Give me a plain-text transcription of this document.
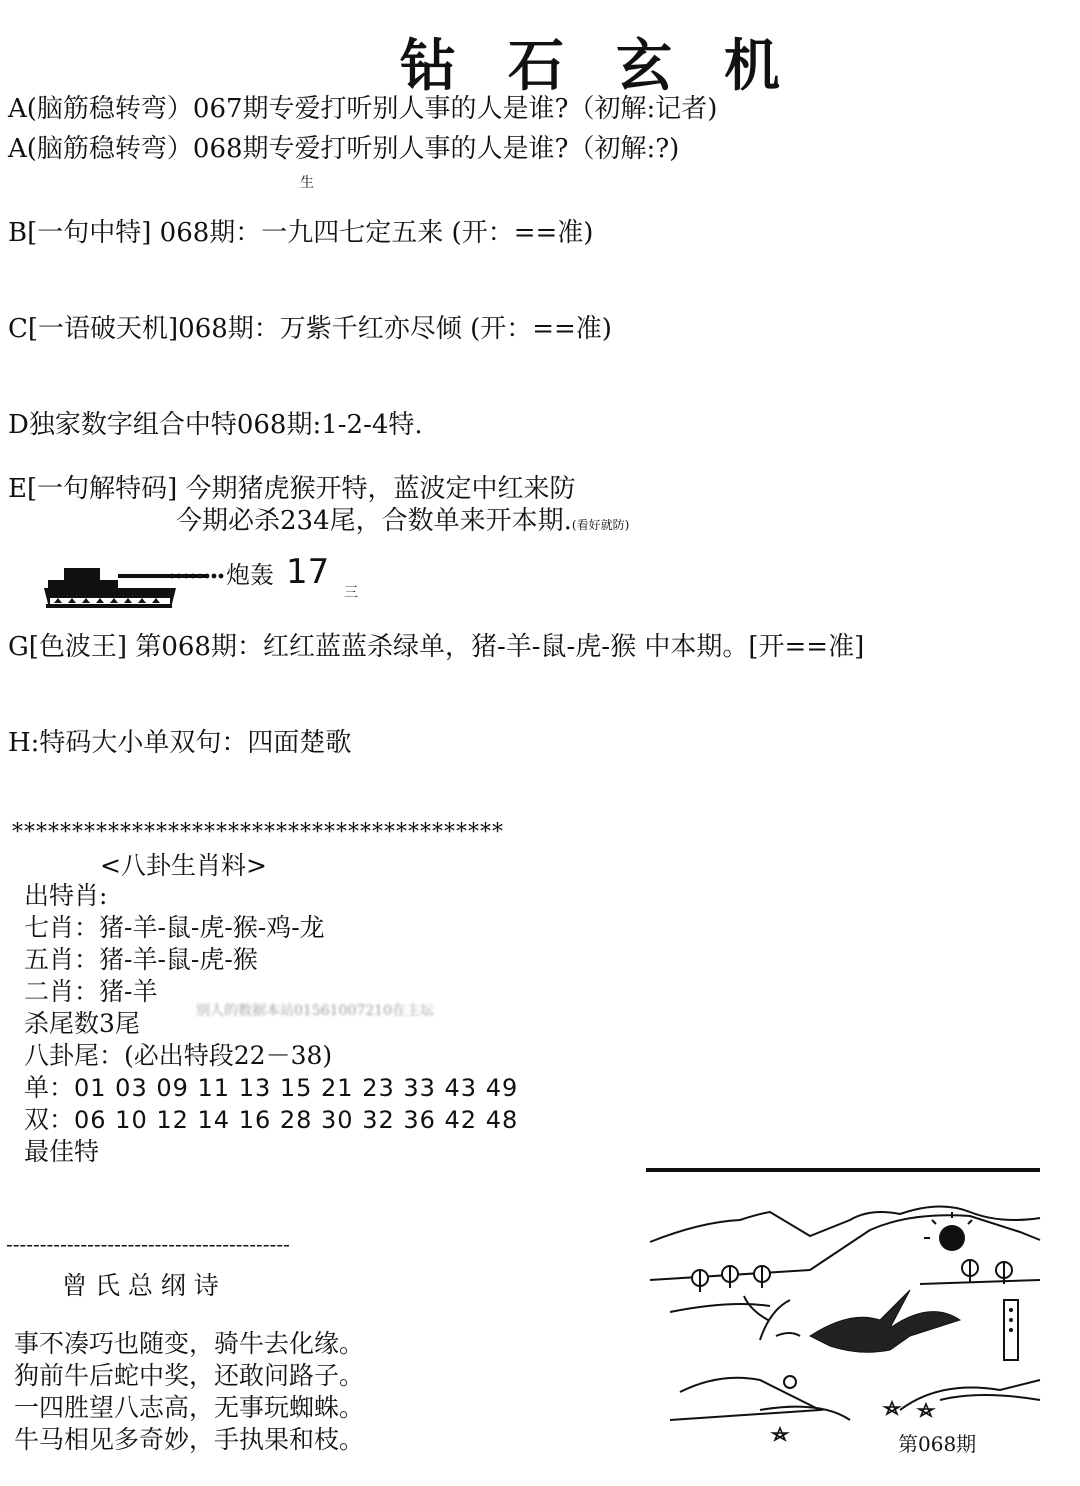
钻石玄机
A(脑筋稳转弯）067期专爱打听别人事的人是谁?（初解:记者)
A(脑筋稳转弯）068期专爱打听别人事的人是谁?（初解:?)
生
B[一句中特] 068期：一九四七定五来 (开：==准)
C[一语破天机]068期：万紫千红亦尽倾 (开：==准)
D独家数字组合中特068期:1-2-4特.
E[一句解特码] 今期猪虎猴开特，蓝波定中红来防
今期必杀234尾，合数单来开本期.(看好就防)
炮轰 17
三
G[色波王] 第068期：红红蓝蓝杀绿单，猪-羊-鼠-虎-猴 中本期。[开==准]
H:特码大小单双句：四面楚歌
*****************************************
<八卦生肖料>
出特肖:
七肖：猪-羊-鼠-虎-猴-鸡-龙
五肖：猪-羊-鼠-虎-猴
二肖：猪-羊
杀尾数3尾	别人的数据本站01561007210在主坛
八卦尾：(必出特段22－38)
单：01 03 09 11 13 15 21 23 33 43 49
双：06 10 12 14 16 28 30 32 36 42 48
最佳特
------------------------------------------
曾 氏 总 纲 诗
事不凑巧也随变，骑牛去化缘。
狗前牛后蛇中奖，还敢问路子。
一四胜望八志高，无事玩蜘蛛。
牛马相见多奇妙，手执果和枝。	第068期
